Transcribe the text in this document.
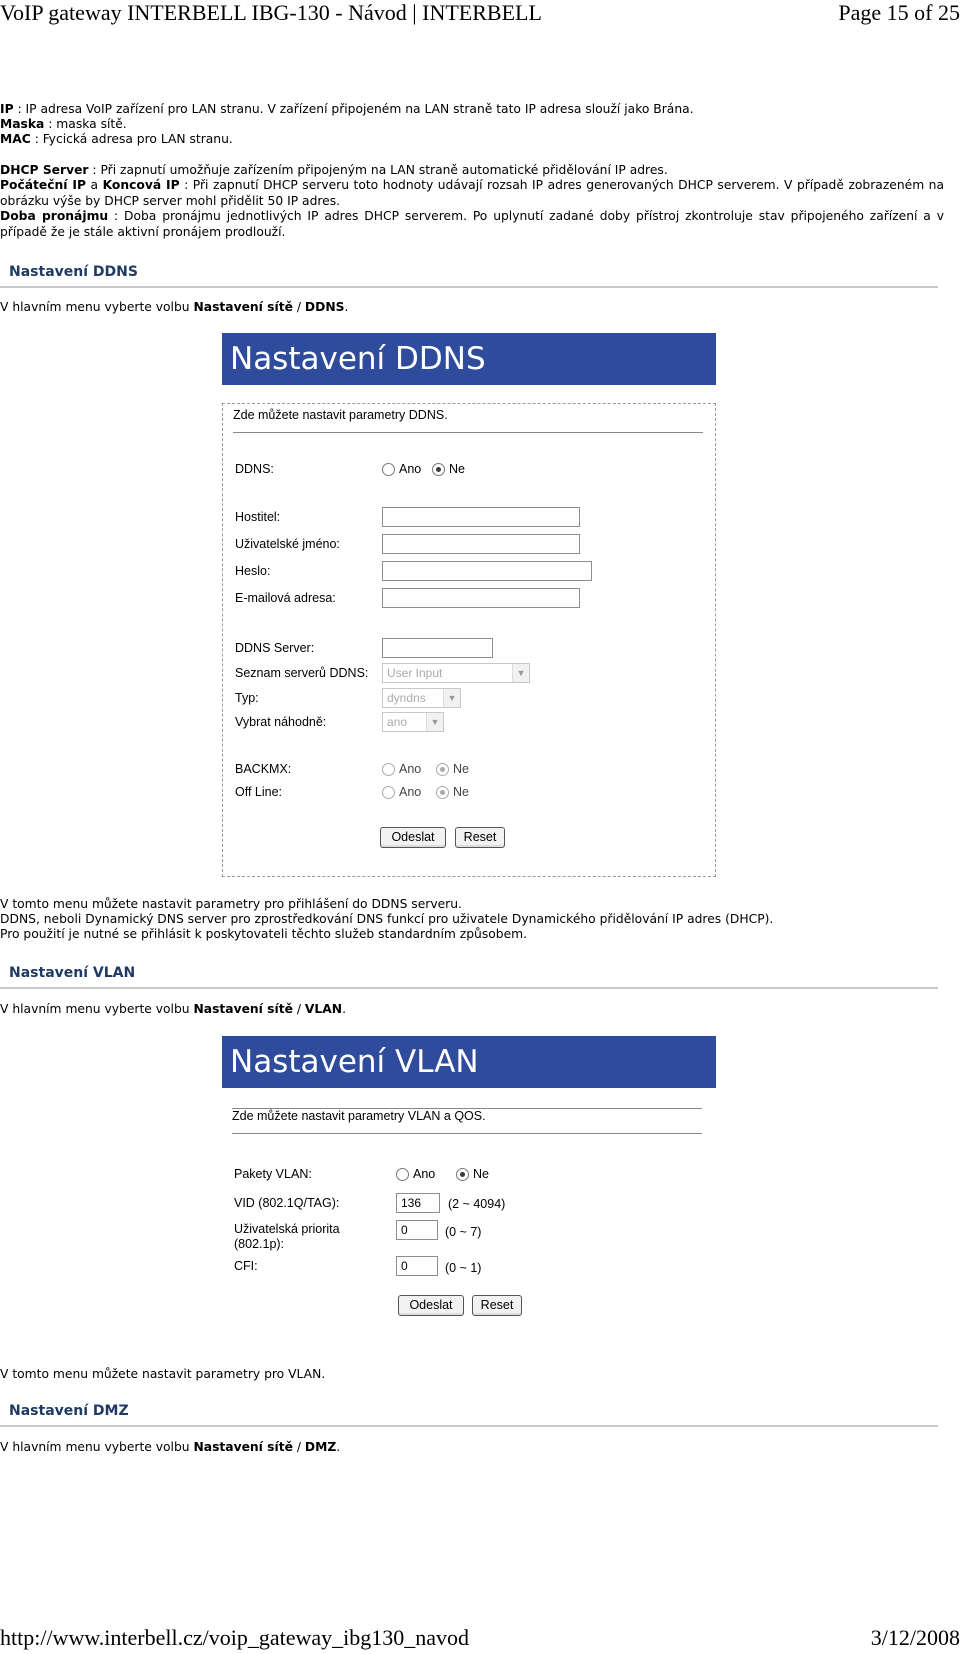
VoIP gateway INTERBELL IBG-130 - Návod | INTERBELL	Page 15 of 25
IP : IP adresa VoIP zařízení pro LAN stranu. V zařízení připojeném na LAN straně tato IP adresa slouží jako Brána.
Maska : maska sítě.
MAC : Fycická adresa pro LAN stranu.
DHCP Server : Při zapnutí umožňuje zařízením připojeným na LAN straně automatické přidělování IP adres.
Počáteční IP a Koncová IP : Při zapnutí DHCP serveru toto hodnoty udávají rozsah IP adres generovaných DHCP serverem. V případě zobrazeném na obrázku výše by DHCP server mohl přidělit 50 IP adres.
Doba pronájmu : Doba pronájmu jednotlivých IP adres DHCP serverem. Po uplynutí zadané doby přístroj zkontroluje stav připojeného zařízení a v případě že je stále aktivní pronájem prodlouží.
Nastavení DDNS
V hlavním menu vyberte volbu Nastavení sítě / DDNS.
Nastavení DDNS
Zde můžete nastavit parametry DDNS.
DDNS:	Ano Ne
Hostitel:
Uživatelské jméno:
Heslo:
E-mailová adresa:
DDNS Server:
Seznam serverů DDNS:	User Input	▼
Typ:	dyndns	▼
Vybrat náhodně:	ano	▼
BACKMX:	Ano	Ne
Off Line:	Ano	Ne
Odeslat	Reset
V tomto menu můžete nastavit parametry pro přihlášení do DDNS serveru.
DDNS, neboli Dynamický DNS server pro zprostředkování DNS funkcí pro uživatele Dynamického přidělování IP adres (DHCP).
Pro použití je nutné se přihlásit k poskytovateli těchto služeb standardním způsobem.
Nastavení VLAN
V hlavním menu vyberte volbu Nastavení sítě / VLAN.
Nastavení VLAN
Zde můžete nastavit parametry VLAN a QOS.
Pakety VLAN:	Ano	Ne
VID (802.1Q/TAG):	136	(2 ~ 4094)
Uživatelská priorita
(802.1p):
0	(0 ~ 7)
CFI:	0	(0 ~ 1)
Odeslat	Reset
V tomto menu můžete nastavit parametry pro VLAN.
Nastavení DMZ
V hlavním menu vyberte volbu Nastavení sítě / DMZ.
http://www.interbell.cz/voip_gateway_ibg130_navod	3/12/2008
